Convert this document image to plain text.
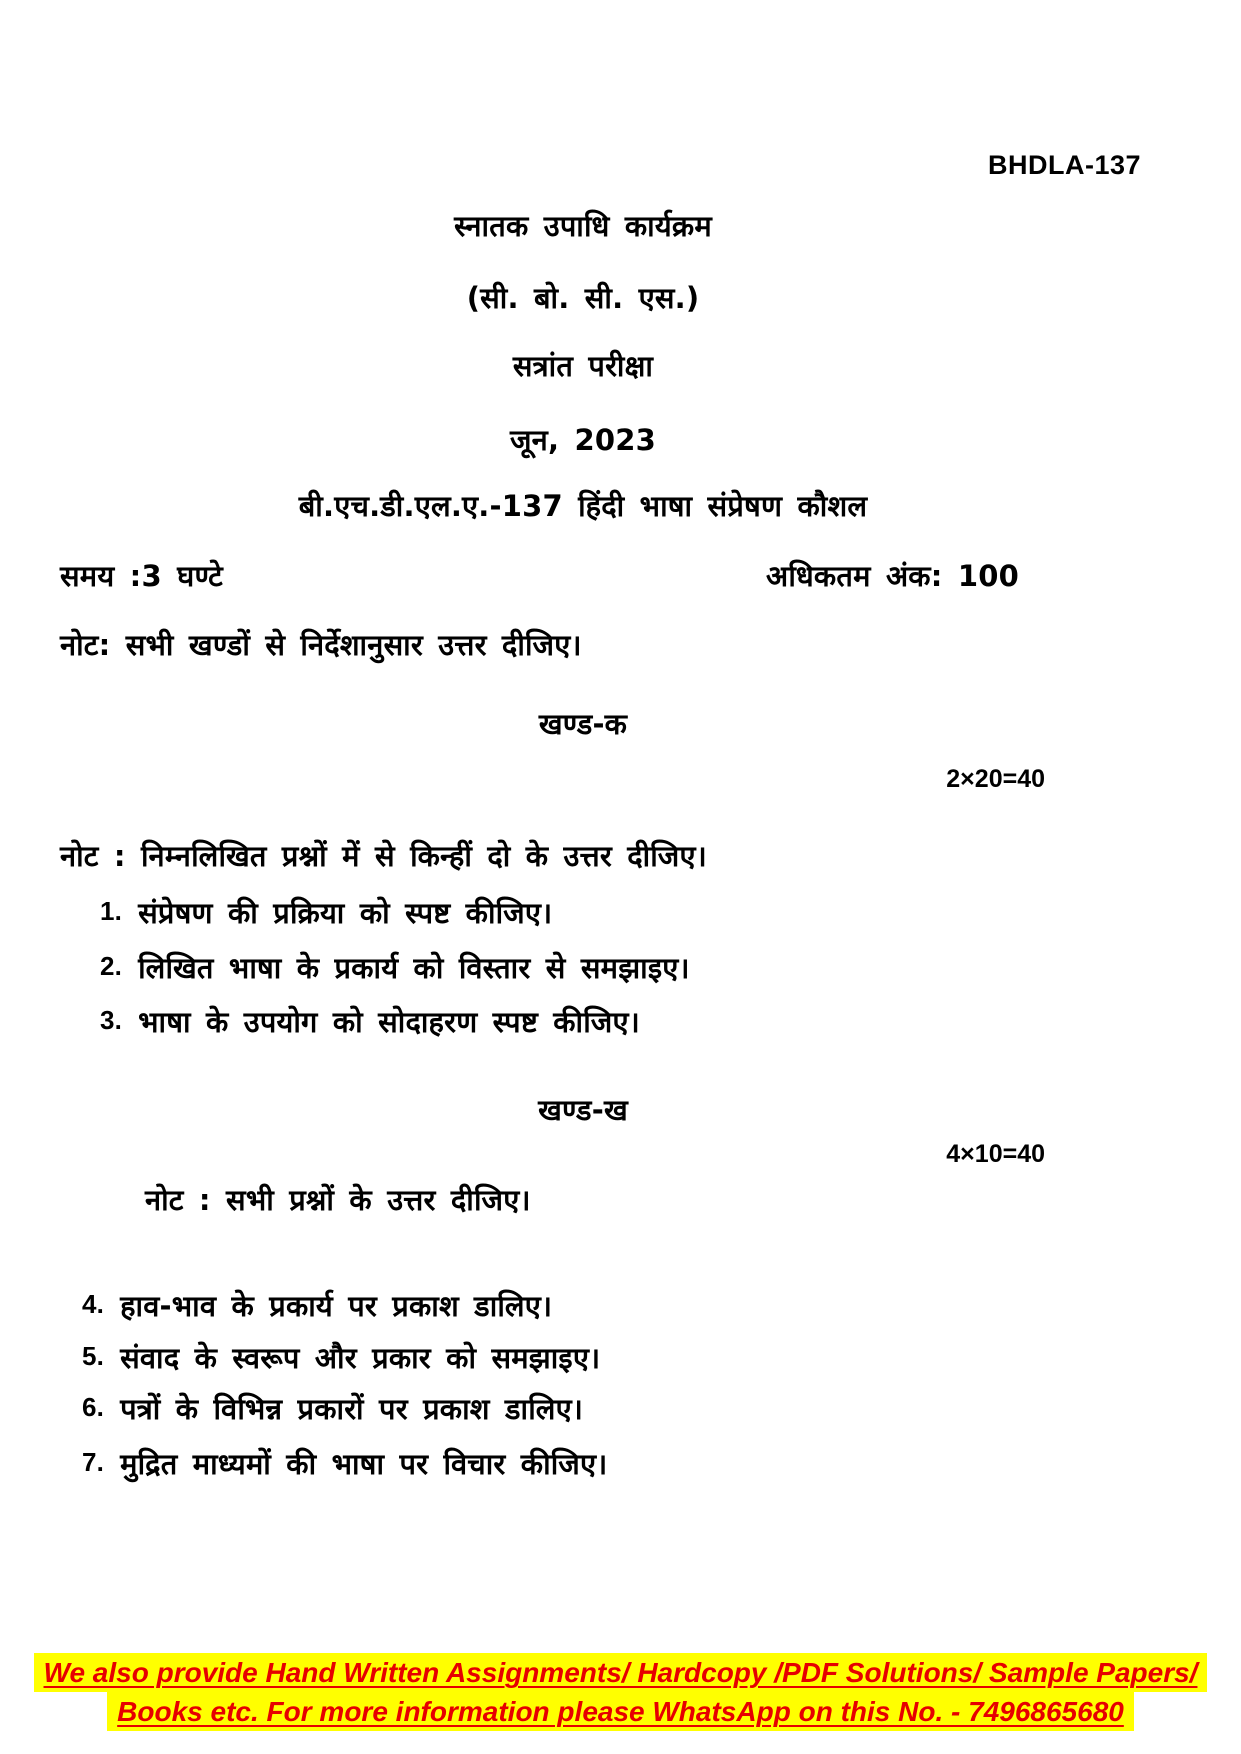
BHDLA-137
स्नातक उपाधि कार्यक्रम
(सी. बो. सी. एस.)
सत्रांत परीक्षा
जून, 2023
बी.एच.डी.एल.ए.-137 हिंदी भाषा संप्रेषण कौशल
समय :3 घण्टे	अधिकतम अंक: 100
नोट: सभी खण्डों से निर्देशानुसार उत्तर दीजिए।
खण्ड-क
2×20=40
नोट : निम्नलिखित प्रश्नों में से किन्हीं दो के उत्तर दीजिए।
1. संप्रेषण की प्रक्रिया को स्पष्ट कीजिए।
2. लिखित भाषा के प्रकार्य को विस्तार से समझाइए।
3. भाषा के उपयोग को सोदाहरण स्पष्ट कीजिए।
खण्ड-ख
4×10=40
नोट : सभी प्रश्नों के उत्तर दीजिए।
4. हाव-भाव के प्रकार्य पर प्रकाश डालिए।
5. संवाद के स्वरूप और प्रकार को समझाइए।
6. पत्रों के विभिन्न प्रकारों पर प्रकाश डालिए।
7. मुद्रित माध्यमों की भाषा पर विचार कीजिए।
We also provide Hand Written Assignments/ Hardcopy /PDF Solutions/ Sample Papers/
Books etc. For more information please WhatsApp on this No. - 7496865680
